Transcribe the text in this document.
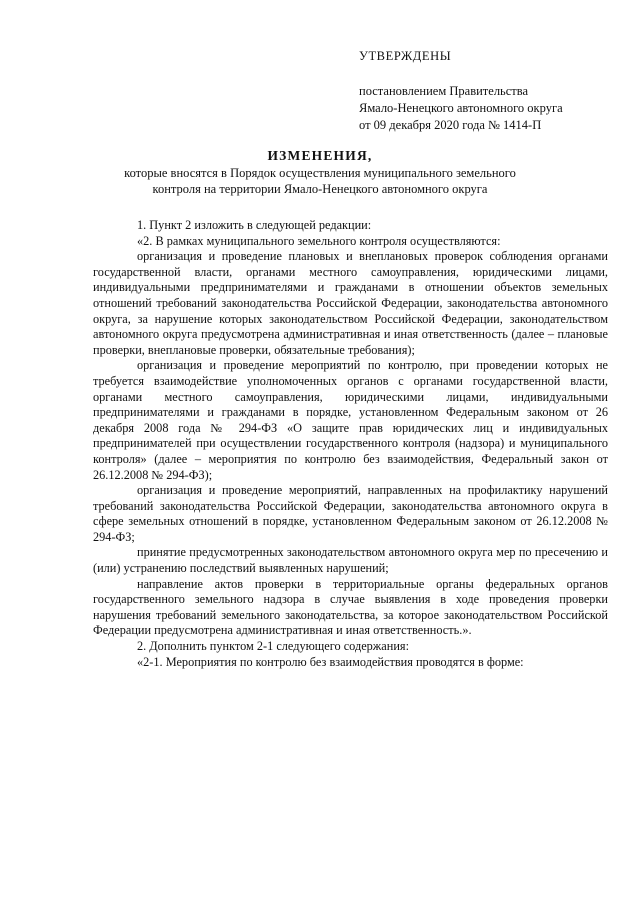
УТВЕРЖДЕНЫ
постановлением Правительства
Ямало-Ненецкого автономного округа
от 09 декабря 2020 года № 1414-П
ИЗМЕНЕНИЯ,
которые вносятся в Порядок осуществления муниципального земельного
контроля на территории Ямало-Ненецкого автономного округа

1. Пункт 2 изложить в следующей редакции:

«2. В рамках муниципального земельного контроля осуществляются:

организация и проведение плановых и внеплановых проверок соблюдения органами государственной власти, органами местного самоуправления, юридическими лицами, индивидуальными предпринимателями и гражданами в отношении объектов земельных отношений требований законодательства Российской Федерации, законодательства автономного округа, за нарушение которых законодательством Российской Федерации, законодательством автономного округа предусмотрена административная и иная ответственность (далее – плановые проверки, внеплановые проверки, обязательные требования);

организация и проведение мероприятий по контролю, при проведении которых не требуется взаимодействие уполномоченных органов с органами государственной власти, органами местного самоуправления, юридическими лицами, индивидуальными предпринимателями и гражданами в порядке, установленном Федеральным законом от 26 декабря 2008 года № 294-ФЗ «О защите прав юридических лиц и индивидуальных предпринимателей при осуществлении государственного контроля (надзора) и муниципального контроля» (далее – мероприятия по контролю без взаимодействия, Федеральный закон от 26.12.2008 № 294-ФЗ);

организация и проведение мероприятий, направленных на профилактику нарушений требований законодательства Российской Федерации, законодательства автономного округа в сфере земельных отношений в порядке, установленном Федеральным законом от 26.12.2008 № 294-ФЗ;

принятие предусмотренных законодательством автономного округа мер по пресечению и (или) устранению последствий выявленных нарушений;

направление актов проверки в территориальные органы федеральных органов государственного земельного надзора в случае выявления в ходе проведения проверки нарушения требований земельного законодательства, за которое законодательством Российской Федерации предусмотрена административная и иная ответственность.».

2. Дополнить пунктом 2-1 следующего содержания:

«2-1. Мероприятия по контролю без взаимодействия проводятся в форме:
